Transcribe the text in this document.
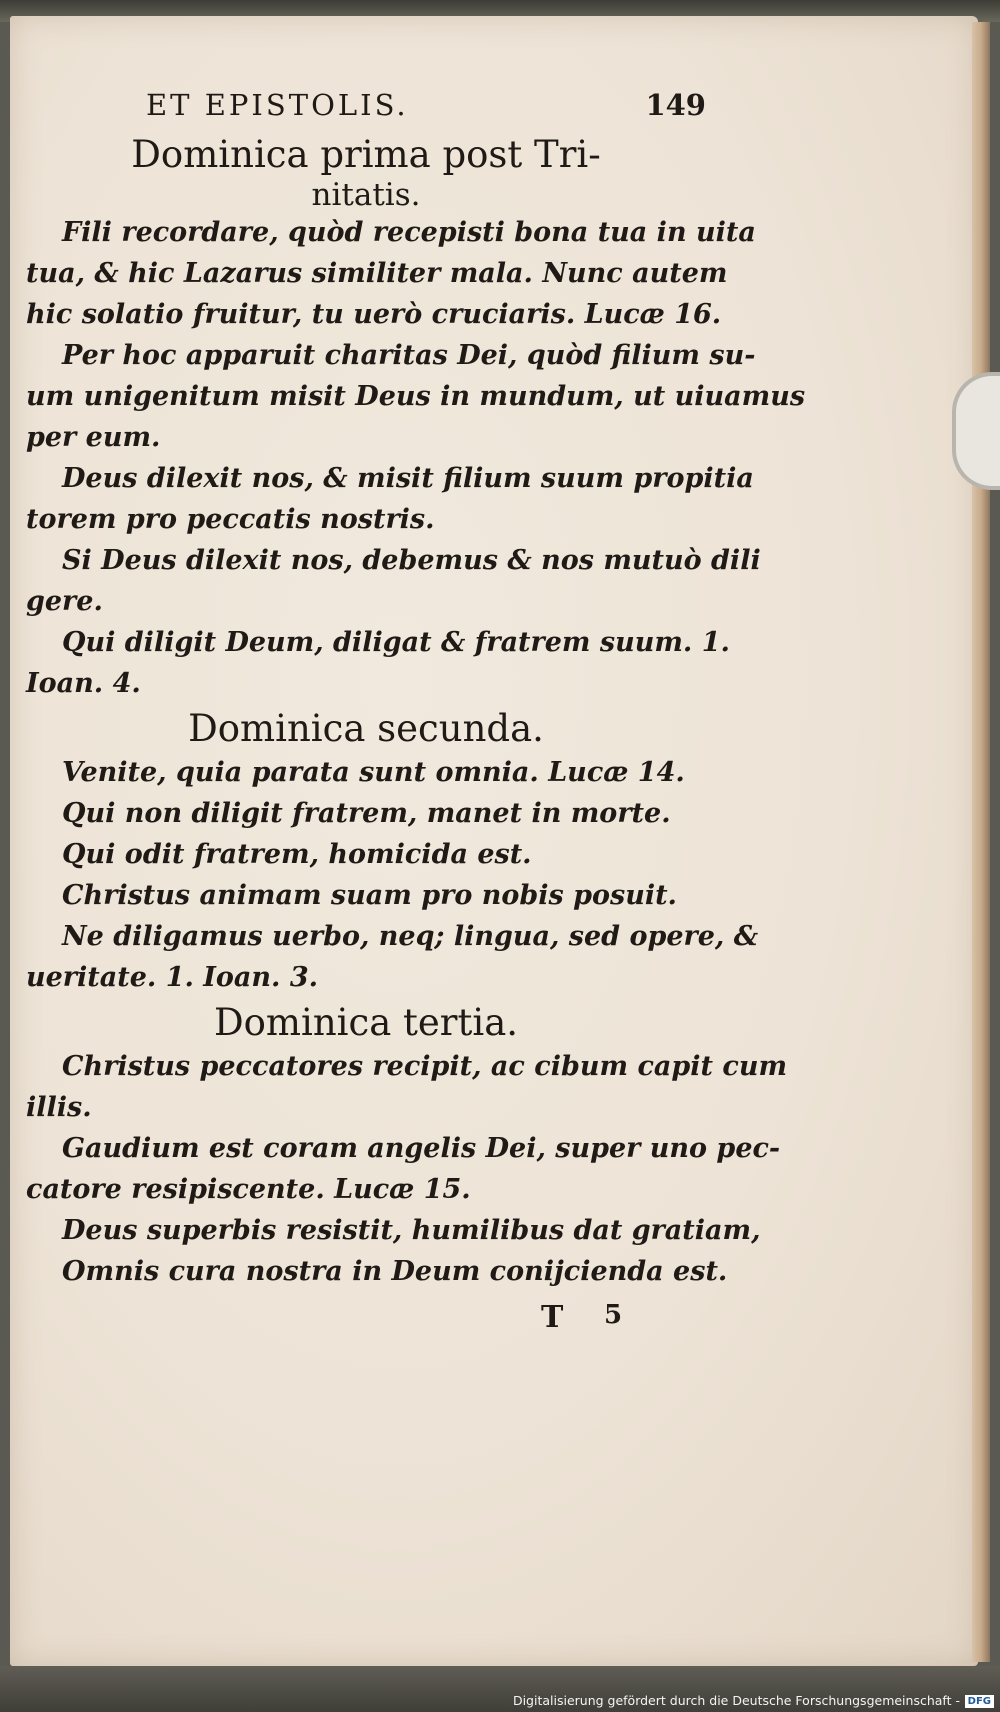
ET EPISTOLIS.	149
Dominica prima post Tri-
nitatis.
Fili recordare, quòd recepisti bona tua in uita
tua, & hic Lazarus similiter mala. Nunc autem
hic solatio fruitur, tu uerò cruciaris. Lucæ 16.
Per hoc apparuit charitas Dei, quòd filium su-
um unigenitum misit Deus in mundum, ut uiuamus
per eum.
Deus dilexit nos, & misit filium suum propitia
torem pro peccatis nostris.
Si Deus dilexit nos, debemus & nos mutuò dili
gere.
Qui diligit Deum, diligat & fratrem suum. 1.
Ioan. 4.
Dominica secunda.
Venite, quia parata sunt omnia. Lucæ 14.
Qui non diligit fratrem, manet in morte.
Qui odit fratrem, homicida est.
Christus animam suam pro nobis posuit.
Ne diligamus uerbo, neq; lingua, sed opere, &
ueritate. 1. Ioan. 3.
Dominica tertia.
Christus peccatores recipit, ac cibum capit cum
illis.
Gaudium est coram angelis Dei, super uno pec-
catore resipiscente. Lucæ 15.
Deus superbis resistit, humilibus dat gratiam,
Omnis cura nostra in Deum conijcienda est.
T 5
Digitalisierung gefördert durch die Deutsche Forschungsgemeinschaft - DFG
